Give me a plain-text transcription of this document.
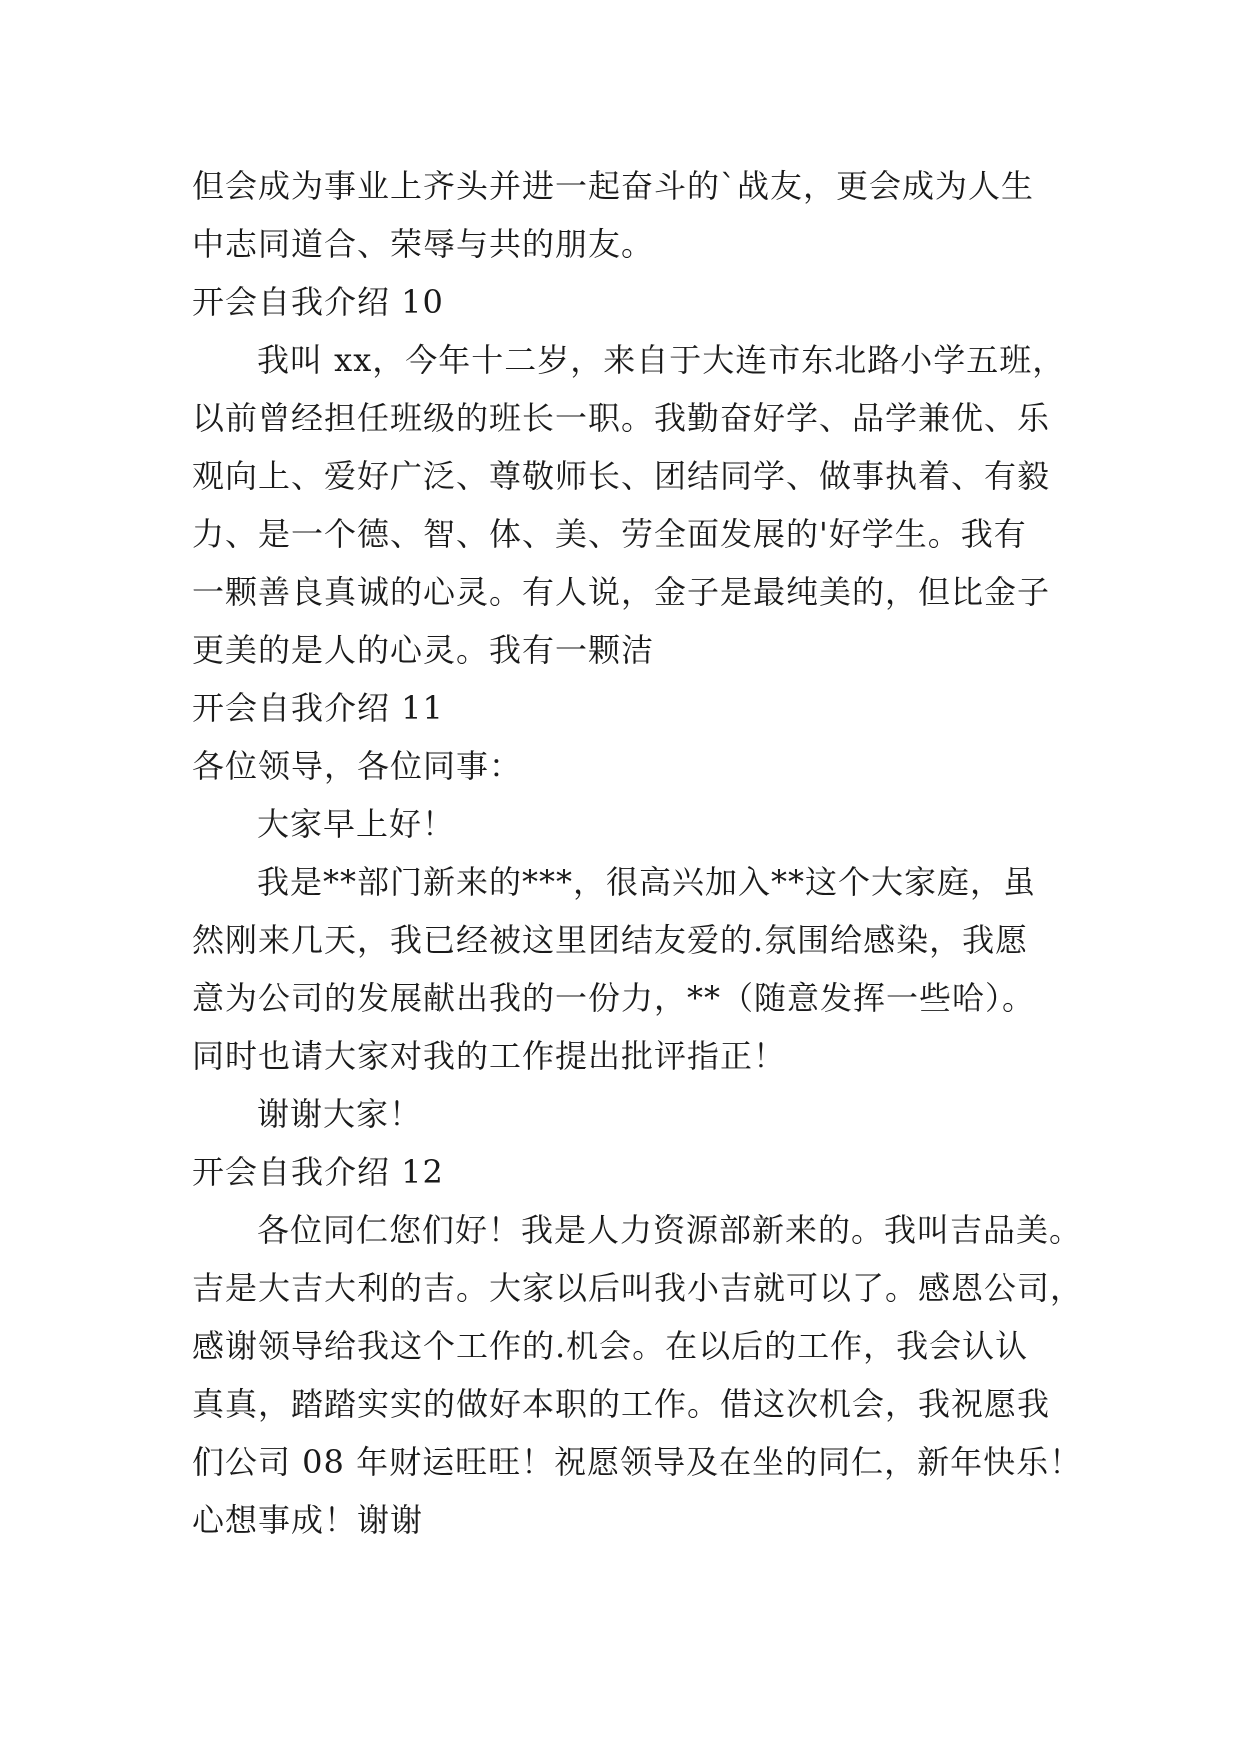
但会成为事业上齐头并进一起奋斗的`战友，更会成为人生
中志同道合、荣辱与共的朋友。
开会自我介绍 10
我叫 xx，今年十二岁，来自于大连市东北路小学五班，
以前曾经担任班级的班长一职。我勤奋好学、品学兼优、乐
观向上、爱好广泛、尊敬师长、团结同学、做事执着、有毅
力、是一个德、智、体、美、劳全面发展的'好学生。我有
一颗善良真诚的心灵。有人说，金子是最纯美的，但比金子
更美的是人的心灵。我有一颗洁
开会自我介绍 11
各位领导，各位同事：
大家早上好！
我是**部门新来的***，很高兴加入**这个大家庭，虽
然刚来几天，我已经被这里团结友爱的.氛围给感染，我愿
意为公司的发展献出我的一份力，**（随意发挥一些哈）。
同时也请大家对我的工作提出批评指正！
谢谢大家！
开会自我介绍 12
各位同仁您们好！我是人力资源部新来的。我叫吉品美。
吉是大吉大利的吉。大家以后叫我小吉就可以了。感恩公司，
感谢领导给我这个工作的.机会。在以后的工作，我会认认
真真，踏踏实实的做好本职的工作。借这次机会，我祝愿我
们公司 08 年财运旺旺！祝愿领导及在坐的同仁，新年快乐！
心想事成！谢谢
